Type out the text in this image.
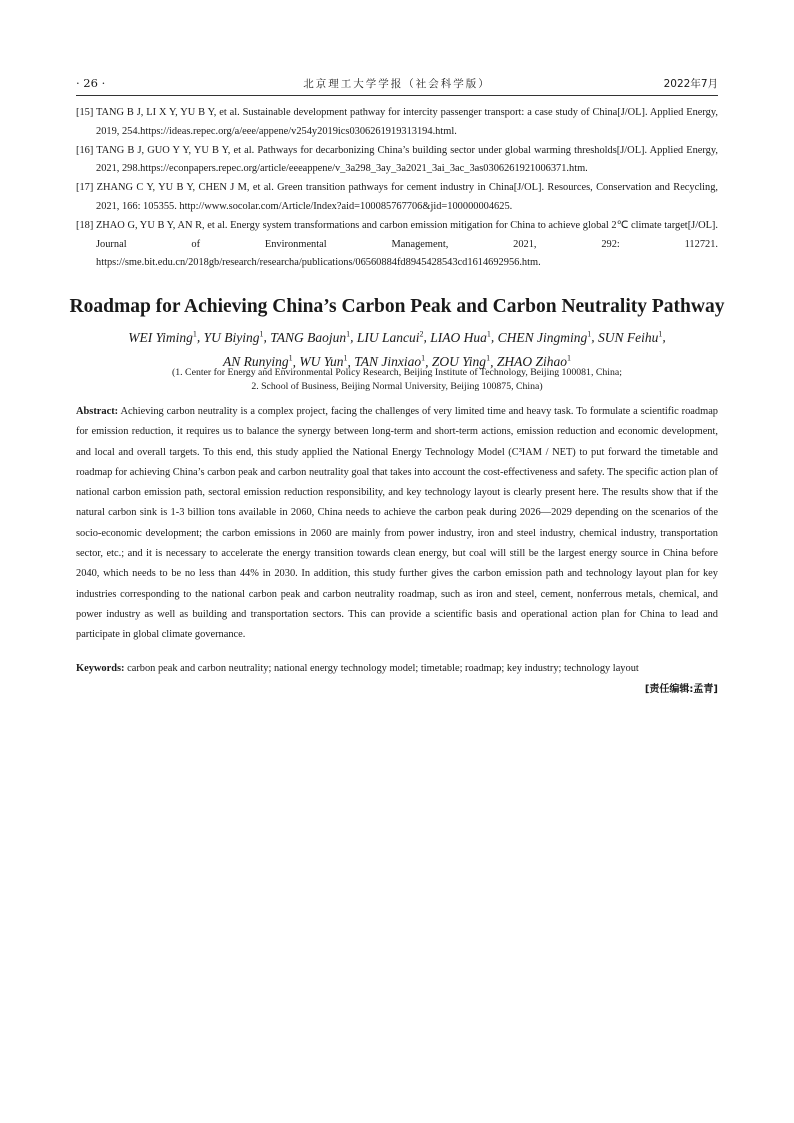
· 26 ·	北京理工大学学报（社会科学版）	2022年7月

[15] TANG B J, LI X Y, YU B Y, et al. Sustainable development pathway for intercity passenger transport: a case study of China[J/OL]. Applied Energy, 2019, 254.https://ideas.repec.org/a/eee/appene/v254y2019ics0306261919313194.html.

[16] TANG B J, GUO Y Y, YU B Y, et al. Pathways for decarbonizing China’s building sector under global warming thresholds[J/OL]. Applied Energy, 2021, 298.https://econpapers.repec.org/article/eeeappene/v_3a298_3ay_3a2021_3ai_3ac_3as0306261921006371.htm.

[17] ZHANG C Y, YU B Y, CHEN J M, et al. Green transition pathways for cement industry in China[J/OL]. Resources, Conservation and Recycling, 2021, 166: 105355. http://www.socolar.com/Article/Index?aid=100085767706&jid=100000004625.

[18] ZHAO G, YU B Y, AN R, et al. Energy system transformations and carbon emission mitigation for China to achieve global 2℃ climate target[J/OL]. Journal of Environmental Management, 2021, 292: 112721. https://sme.bit.edu.cn/2018gb/research/researcha/publications/06560884fd8945428543cd1614692956.htm.

Roadmap for Achieving China’s Carbon Peak and Carbon Neutrality Pathway
WEI Yiming$^1$, YU Biying$^1$, TANG Baojun$^1$, LIU Lancui$^2$, LIAO Hua$^1$, CHEN Jingming$^1$, SUN Feihu$^1$,
AN Runying$^1$, WU Yun$^1$, TAN Jinxiao$^1$, ZOU Ying$^1$, ZHAO Zihao$^1$
(1. Center for Energy and Environmental Policy Research, Beijing Institute of Technology, Beijing 100081, China;
2. School of Business, Beijing Normal University, Beijing 100875, China)

Abstract: Achieving carbon neutrality is a complex project, facing the challenges of very limited time and heavy task. To formulate a scientific roadmap for emission reduction, it requires us to balance the synergy between long-term and short-term actions, emission reduction and economic development, and local and overall targets. To this end, this study applied the National Energy Technology Model (C³IAM / NET) to put forward the timetable and roadmap for achieving China’s carbon peak and carbon neutrality goal that takes into account the cost-effectiveness and safety. The specific action plan of national carbon emission path, sectoral emission reduction responsibility, and key technology layout is clearly present here. The results show that if the natural carbon sink is 1-3 billion tons available in 2060, China needs to achieve the carbon peak during 2026—2029 depending on the scenarios of the socio-economic development; the carbon emissions in 2060 are mainly from power industry, iron and steel industry, chemical industry, transportation sector, etc.; and it is necessary to accelerate the energy transition towards clean energy, but coal will still be the largest energy source in China before 2040, which needs to be no less than 44% in 2030. In addition, this study further gives the carbon emission path and technology layout plan for key industries corresponding to the national carbon peak and carbon neutrality roadmap, such as iron and steel, cement, nonferrous metals, chemical, and power industry as well as building and transportation sectors. This can provide a scientific basis and operational action plan for China to lead and participate in global climate governance.

Keywords: carbon peak and carbon neutrality; national energy technology model; timetable; roadmap; key industry; technology layout

[责任编辑:孟青]
